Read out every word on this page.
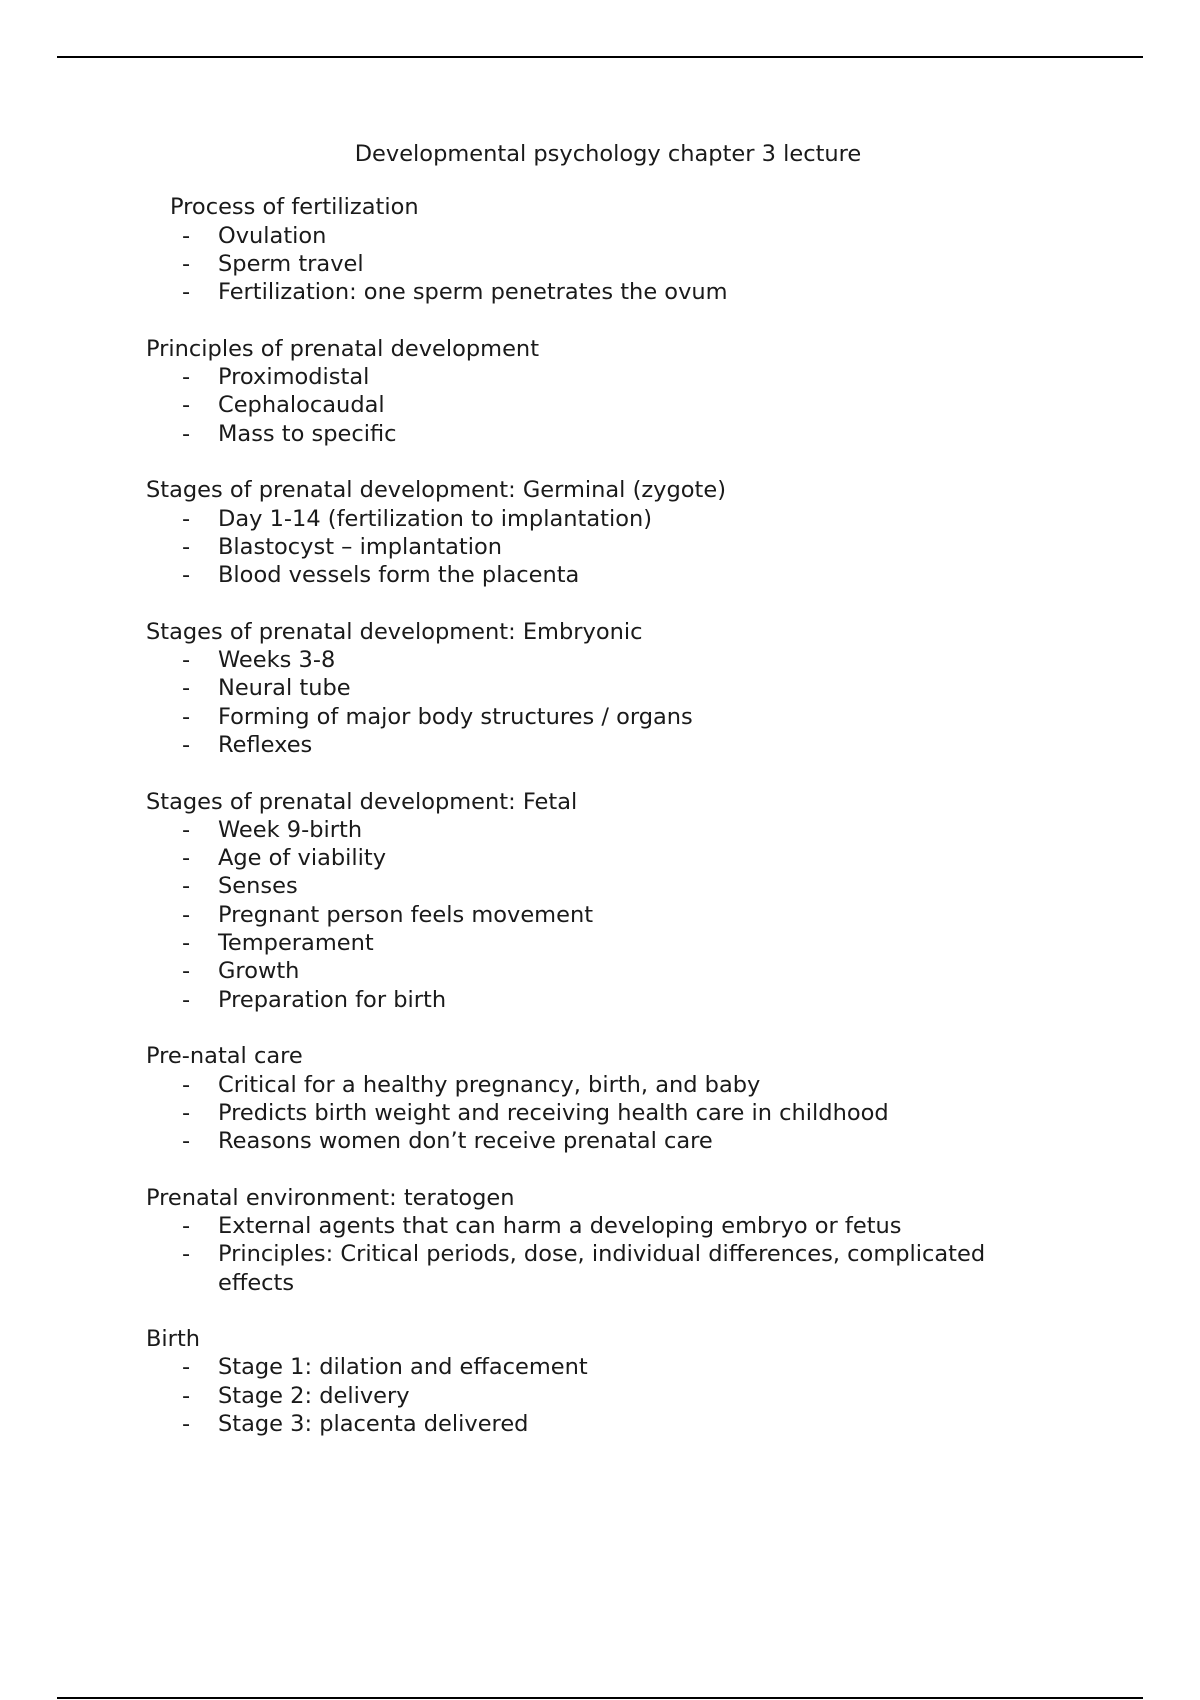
Developmental psychology chapter 3 lecture
Process of fertilization
- Ovulation
- Sperm travel
- Fertilization: one sperm penetrates the ovum
Principles of prenatal development
- Proximodistal
- Cephalocaudal
- Mass to specific
Stages of prenatal development: Germinal (zygote)
- Day 1-14 (fertilization to implantation)
- Blastocyst – implantation
- Blood vessels form the placenta
Stages of prenatal development: Embryonic
- Weeks 3-8
- Neural tube
- Forming of major body structures / organs
- Reflexes
Stages of prenatal development: Fetal
- Week 9-birth
- Age of viability
- Senses
- Pregnant person feels movement
- Temperament
- Growth
- Preparation for birth
Pre-natal care
- Critical for a healthy pregnancy, birth, and baby
- Predicts birth weight and receiving health care in childhood
- Reasons women don’t receive prenatal care
Prenatal environment: teratogen
- External agents that can harm a developing embryo or fetus
- Principles: Critical periods, dose, individual differences, complicated effects
Birth
- Stage 1: dilation and effacement
- Stage 2: delivery
- Stage 3: placenta delivered
